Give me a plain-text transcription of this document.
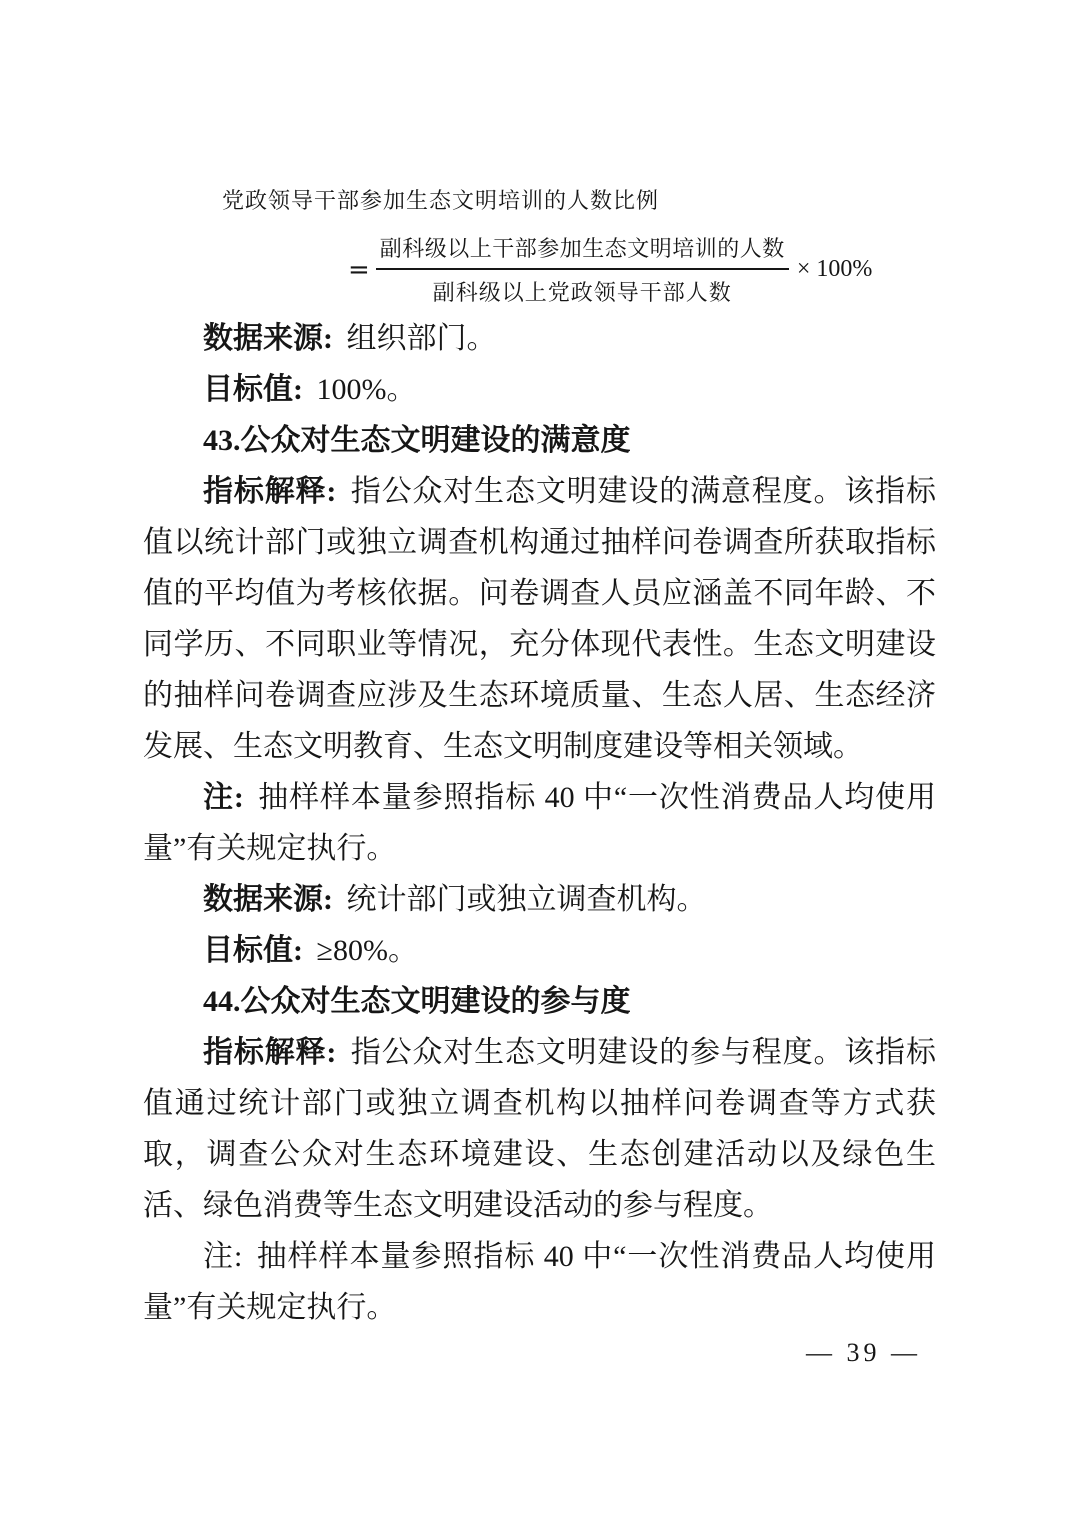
党政领导干部参加生态文明培训的人数比例
= $\frac{\text{副科级以上干部参加生态文明培训的人数}}{\text{副科级以上党政领导干部人数}} \times 100\%$

数据来源: 组织部门。

目标值: 100%。

43.公众对生态文明建设的满意度

指标解释: 指公众对生态文明建设的满意程度。该指标值以统计部门或独立调查机构通过抽样问卷调查所获取指标值的平均值为考核依据。问卷调查人员应涵盖不同年龄、不同学历、不同职业等情况，充分体现代表性。生态文明建设的抽样问卷调查应涉及生态环境质量、生态人居、生态经济发展、生态文明教育、生态文明制度建设等相关领域。

注: 抽样样本量参照指标 40 中“一次性消费品人均使用量”有关规定执行。

数据来源: 统计部门或独立调查机构。

目标值: ≥80%。

44.公众对生态文明建设的参与度

指标解释: 指公众对生态文明建设的参与程度。该指标值通过统计部门或独立调查机构以抽样问卷调查等方式获取，调查公众对生态环境建设、生态创建活动以及绿色生活、绿色消费等生态文明建设活动的参与程度。

注: 抽样样本量参照指标 40 中“一次性消费品人均使用量”有关规定执行。

— 39 —
